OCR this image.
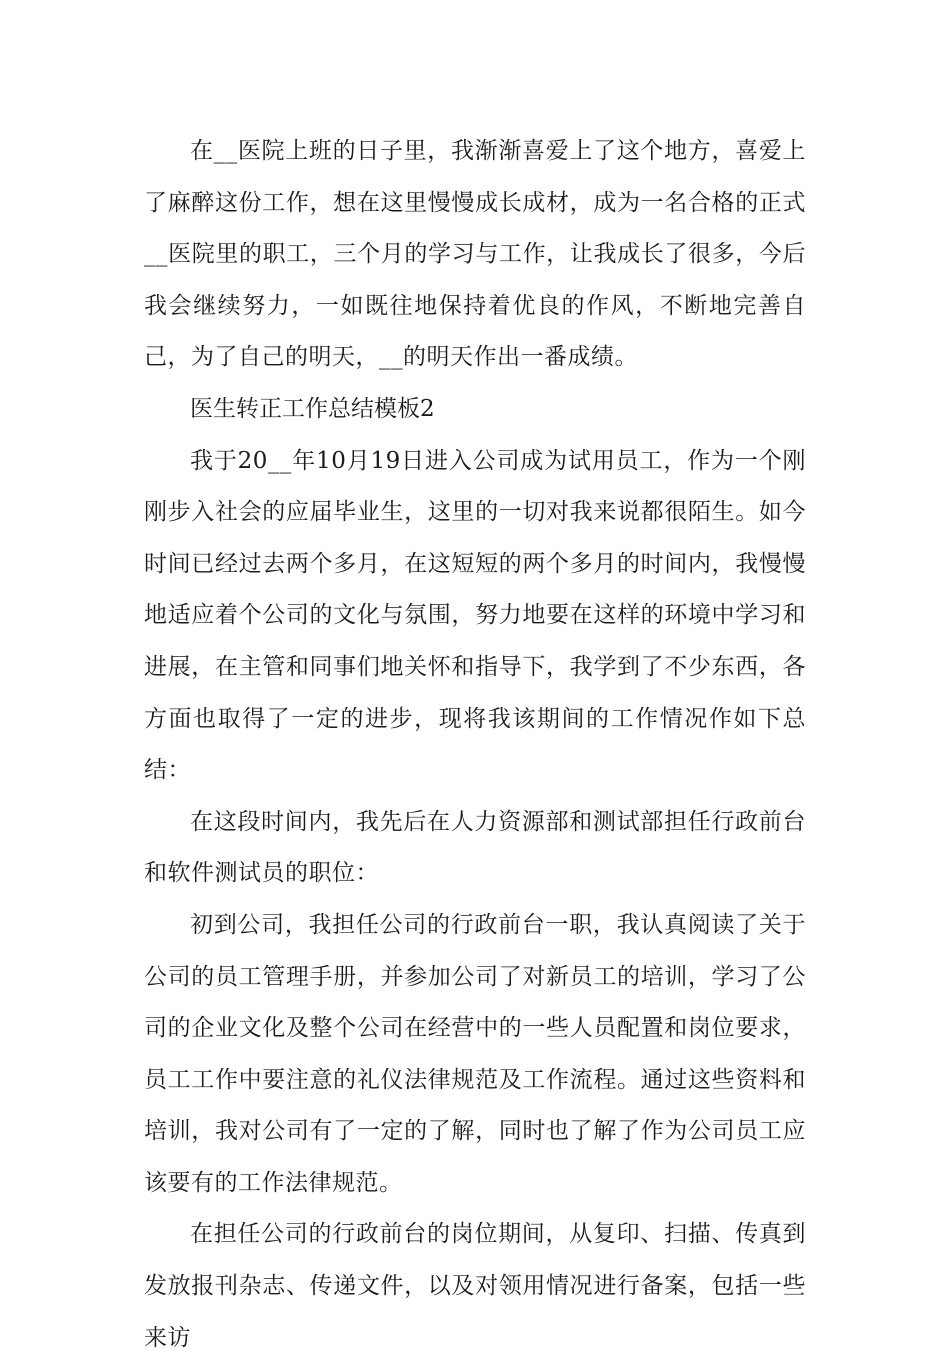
在__医院上班的日子里，我渐渐喜爱上了这个地方，喜爱上了麻醉这份工作，想在这里慢慢成长成材，成为一名合格的正式__医院里的职工，三个月的学习与工作，让我成长了很多，今后我会继续努力，一如既往地保持着优良的作风，不断地完善自己，为了自己的明天，__的明天作出一番成绩。

医生转正工作总结模板2

我于20__年10月19日进入公司成为试用员工，作为一个刚刚步入社会的应届毕业生，这里的一切对我来说都很陌生。如今时间已经过去两个多月，在这短短的两个多月的时间内，我慢慢地适应着个公司的文化与氛围，努力地要在这样的环境中学习和进展，在主管和同事们地关怀和指导下，我学到了不少东西，各方面也取得了一定的进步，现将我该期间的工作情况作如下总结：

在这段时间内，我先后在人力资源部和测试部担任行政前台和软件测试员的职位：

初到公司，我担任公司的行政前台一职，我认真阅读了关于公司的员工管理手册，并参加公司了对新员工的培训，学习了公司的企业文化及整个公司在经营中的一些人员配置和岗位要求，员工工作中要注意的礼仪法律规范及工作流程。通过这些资料和培训，我对公司有了一定的了解，同时也了解了作为公司员工应该要有的工作法律规范。

在担任公司的行政前台的岗位期间，从复印、扫描、传真到发放报刊杂志、传递文件，以及对领用情况进行备案，包括一些来访
